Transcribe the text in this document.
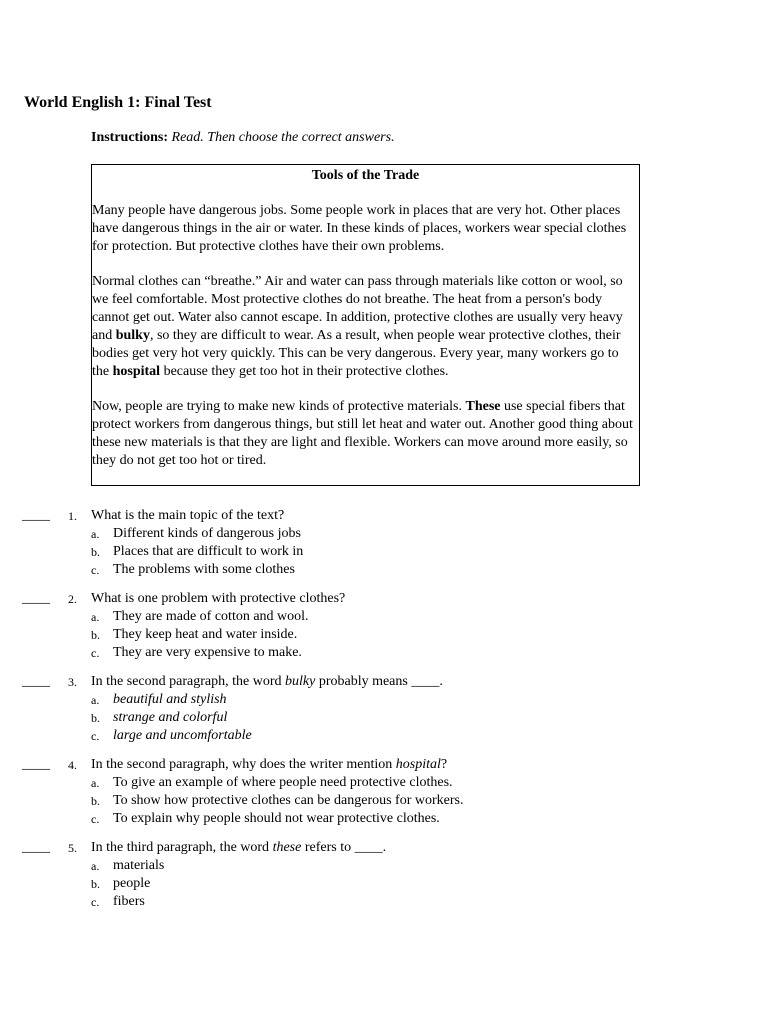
World English 1: Final Test
Instructions: Read. Then choose the correct answers.
Tools of the Trade
Many people have dangerous jobs. Some people work in places that are very hot. Other places have dangerous things in the air or water. In these kinds of places, workers wear special clothes for protection. But protective clothes have their own problems.
Normal clothes can “breathe.” Air and water can pass through materials like cotton or wool, so we feel comfortable. Most protective clothes do not breathe. The heat from a person's body cannot get out. Water also cannot escape. In addition, protective clothes are usually very heavy and bulky, so they are difficult to wear. As a result, when people wear protective clothes, their bodies get very hot very quickly. This can be very dangerous. Every year, many workers go to the hospital because they get too hot in their protective clothes.
Now, people are trying to make new kinds of protective materials. These use special fibers that protect workers from dangerous things, but still let heat and water out. Another good thing about these new materials is that they are light and flexible. Workers can move around more easily, so they do not get too hot or tired.
____ 1. What is the main topic of the text?
a. Different kinds of dangerous jobs
b. Places that are difficult to work in
c. The problems with some clothes
____ 2. What is one problem with protective clothes?
a. They are made of cotton and wool.
b. They keep heat and water inside.
c. They are very expensive to make.
____ 3. In the second paragraph, the word bulky probably means ____.
a. beautiful and stylish
b. strange and colorful
c. large and uncomfortable
____ 4. In the second paragraph, why does the writer mention hospital?
a. To give an example of where people need protective clothes.
b. To show how protective clothes can be dangerous for workers.
c. To explain why people should not wear protective clothes.
____ 5. In the third paragraph, the word these refers to ____.
a. materials
b. people
c. fibers
